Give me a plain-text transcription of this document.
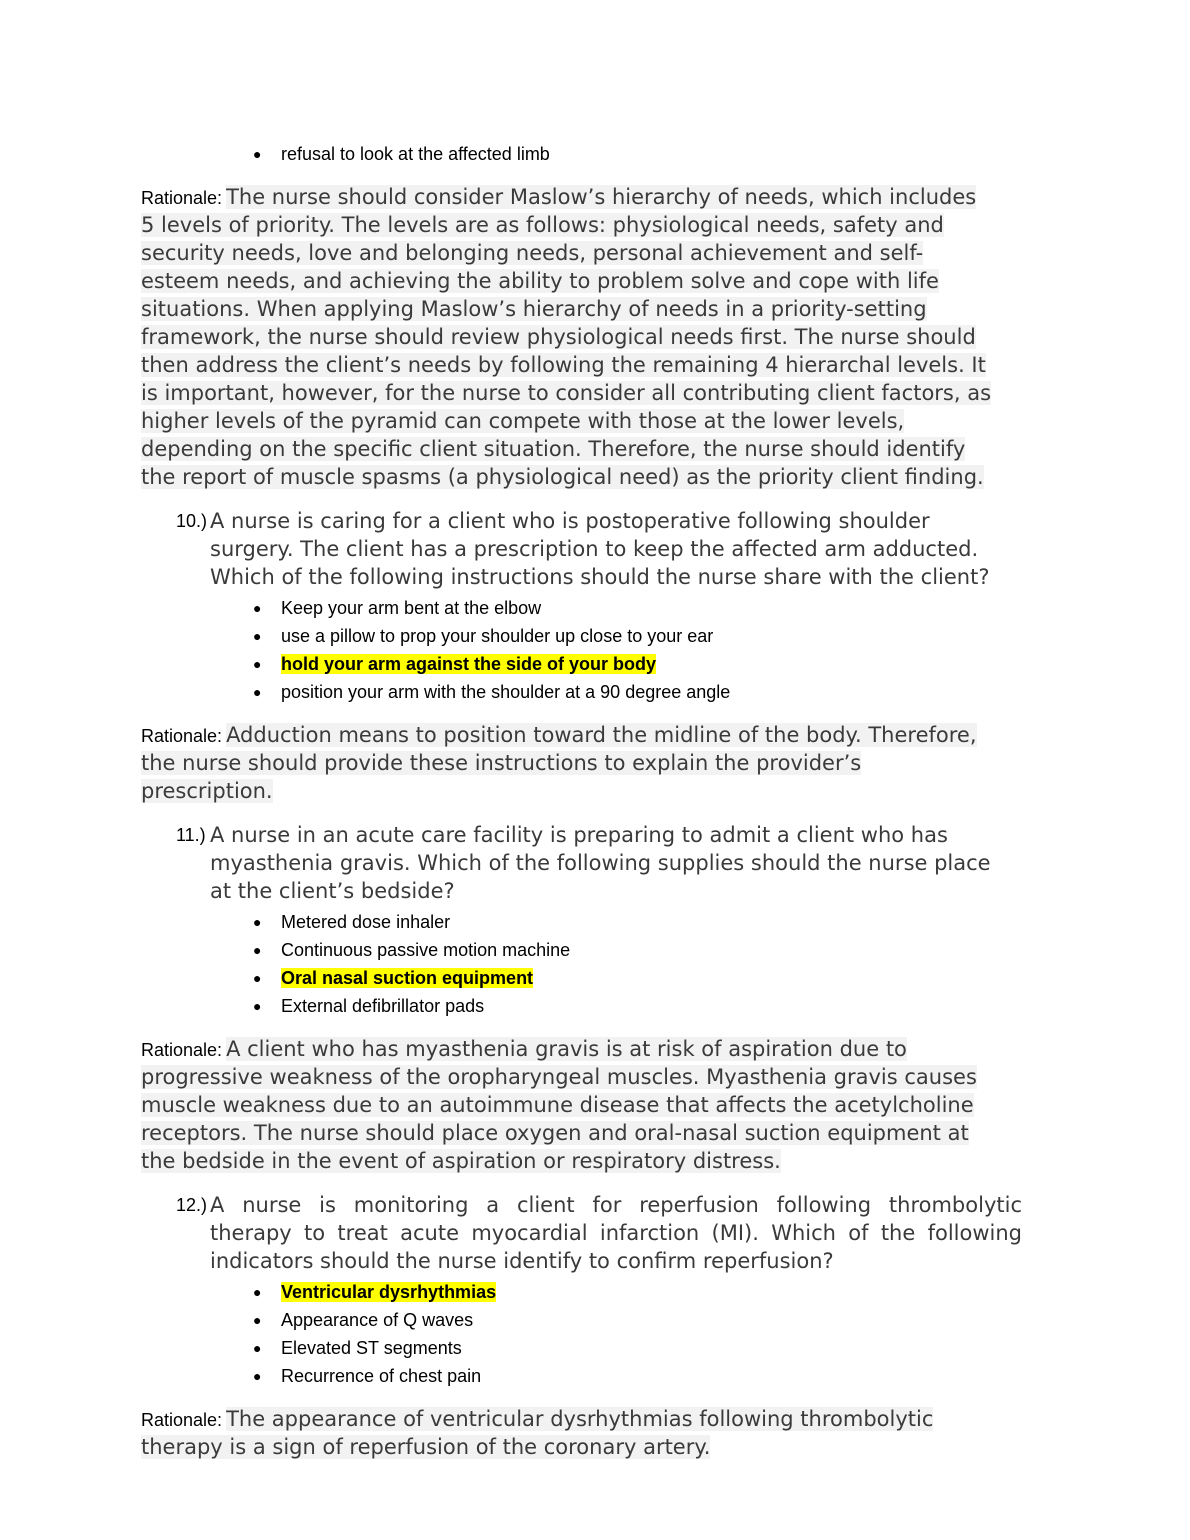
● refusal to look at the affected limb
Rationale: The nurse should consider Maslow’s hierarchy of needs, which includes
5 levels of priority. The levels are as follows: physiological needs, safety and
security needs, love and belonging needs, personal achievement and self-
esteem needs, and achieving the ability to problem solve and cope with life
situations. When applying Maslow’s hierarchy of needs in a priority-setting
framework, the nurse should review physiological needs first. The nurse should
then address the client’s needs by following the remaining 4 hierarchal levels. It
is important, however, for the nurse to consider all contributing client factors, as
higher levels of the pyramid can compete with those at the lower levels,
depending on the specific client situation. Therefore, the nurse should identify
the report of muscle spasms (a physiological need) as the priority client finding.
10.) A nurse is caring for a client who is postoperative following shoulder
surgery. The client has a prescription to keep the affected arm adducted.
Which of the following instructions should the nurse share with the client?
● Keep your arm bent at the elbow
● use a pillow to prop your shoulder up close to your ear
● hold your arm against the side of your body
● position your arm with the shoulder at a 90 degree angle
Rationale: Adduction means to position toward the midline of the body. Therefore,
the nurse should provide these instructions to explain the provider’s
prescription.
11.) A nurse in an acute care facility is preparing to admit a client who has
myasthenia gravis. Which of the following supplies should the nurse place
at the client’s bedside?
● Metered dose inhaler
● Continuous passive motion machine
● Oral nasal suction equipment
● External defibrillator pads
Rationale: A client who has myasthenia gravis is at risk of aspiration due to
progressive weakness of the oropharyngeal muscles. Myasthenia gravis causes
muscle weakness due to an autoimmune disease that affects the acetylcholine
receptors. The nurse should place oxygen and oral-nasal suction equipment at
the bedside in the event of aspiration or respiratory distress.
12.) A nurse is monitoring a client for reperfusion following thrombolytic
therapy to treat acute myocardial infarction (MI). Which of the following
indicators should the nurse identify to confirm reperfusion?
● Ventricular dysrhythmias
● Appearance of Q waves
● Elevated ST segments
● Recurrence of chest pain
Rationale: The appearance of ventricular dysrhythmias following thrombolytic
therapy is a sign of reperfusion of the coronary artery.
